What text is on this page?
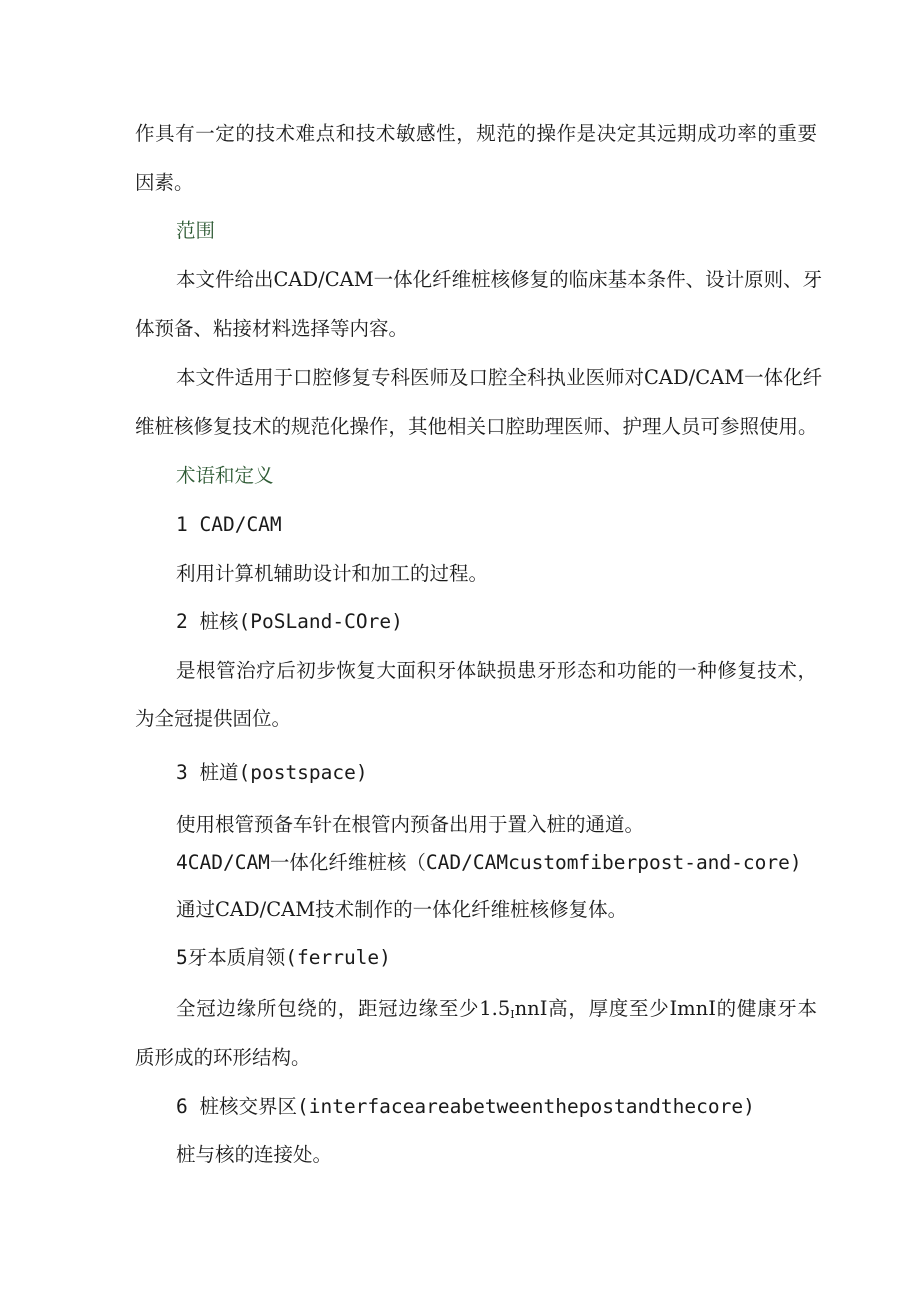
作具有一定的技术难点和技术敏感性，规范的操作是决定其远期成功率的重要

因素。

范围

本文件给出CAD/CAM一体化纤维桩核修复的临床基本条件、设计原则、牙

体预备、粘接材料选择等内容。

本文件适用于口腔修复专科医师及口腔全科执业医师对CAD/CAM一体化纤

维桩核修复技术的规范化操作，其他相关口腔助理医师、护理人员可参照使用。

术语和定义

1 CAD/CAM

利用计算机辅助设计和加工的过程。

2 桩核(PoSLand-COre)

是根管治疗后初步恢复大面积牙体缺损患牙形态和功能的一种修复技术，

为全冠提供固位。

3 桩道(postspace)

使用根管预备车针在根管内预备出用于置入桩的通道。

4CAD/CAM一体化纤维桩核（CAD/CAMcustomfiberpost-and-core)

通过CAD/CAM技术制作的一体化纤维桩核修复体。

5牙本质肩领(ferrule)

全冠边缘所包绕的，距冠边缘至少$1.5_InnI$高，厚度至少ImnI的健康牙本

质形成的环形结构。

6 桩核交界区(interfaceareabetweenthepostandthecore)

桩与核的连接处。
